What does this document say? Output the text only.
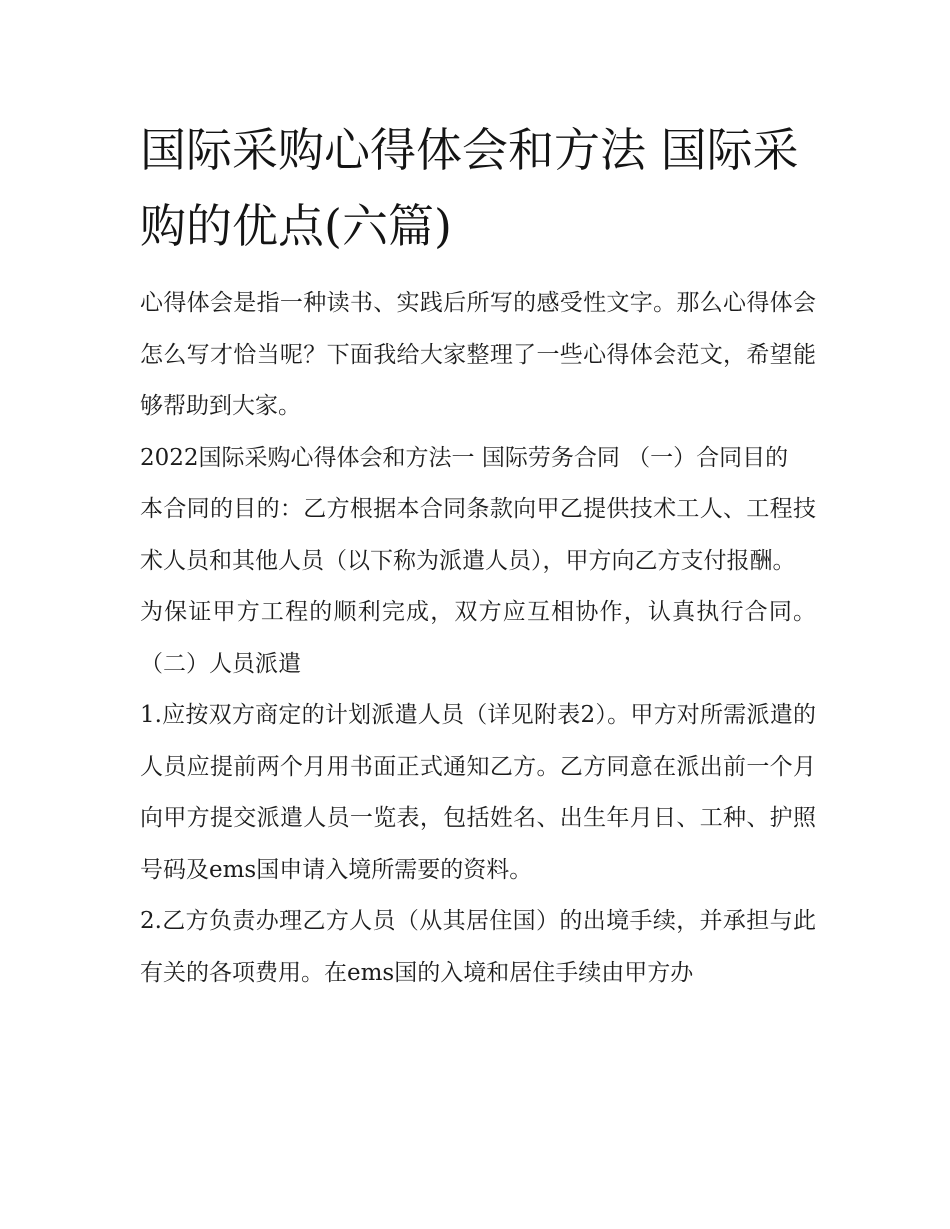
国际采购心得体会和方法 国际采购的优点(六篇)

心得体会是指一种读书、实践后所写的感受性文字。那么心得体会怎么写才恰当呢？下面我给大家整理了一些心得体会范文，希望能够帮助到大家。

2022国际采购心得体会和方法一 国际劳务合同 （一）合同目的

本合同的目的：乙方根据本合同条款向甲乙提供技术工人、工程技术人员和其他人员（以下称为派遣人员），甲方向乙方支付报酬。

为保证甲方工程的顺利完成，双方应互相协作，认真执行合同。 （二）人员派遣

1.应按双方商定的计划派遣人员（详见附表2）。甲方对所需派遣的人员应提前两个月用书面正式通知乙方。乙方同意在派出前一个月向甲方提交派遣人员一览表，包括姓名、出生年月日、工种、护照号码及ems国申请入境所需要的资料。

2.乙方负责办理乙方人员（从其居住国）的出境手续，并承担与此有关的各项费用。在ems国的入境和居住手续由甲方办
